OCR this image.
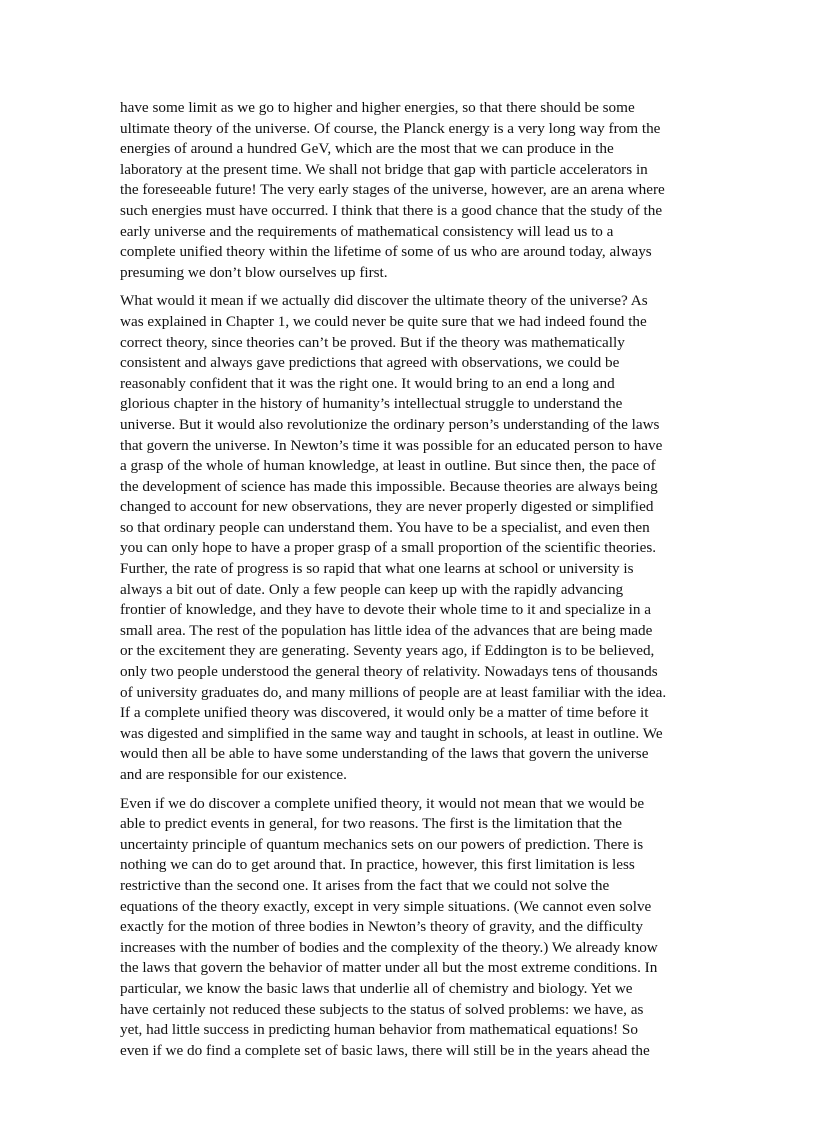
have some limit as we go to higher and higher energies, so that there should be some
ultimate theory of the universe. Of course, the Planck energy is a very long way from the
energies of around a hundred GeV, which are the most that we can produce in the
laboratory at the present time. We shall not bridge that gap with particle accelerators in
the foreseeable future! The very early stages of the universe, however, are an arena where
such energies must have occurred. I think that there is a good chance that the study of the
early universe and the requirements of mathematical consistency will lead us to a
complete unified theory within the lifetime of some of us who are around today, always
presuming we don’t blow ourselves up first.

What would it mean if we actually did discover the ultimate theory of the universe? As
was explained in Chapter 1, we could never be quite sure that we had indeed found the
correct theory, since theories can’t be proved. But if the theory was mathematically
consistent and always gave predictions that agreed with observations, we could be
reasonably confident that it was the right one. It would bring to an end a long and
glorious chapter in the history of humanity’s intellectual struggle to understand the
universe. But it would also revolutionize the ordinary person’s understanding of the laws
that govern the universe. In Newton’s time it was possible for an educated person to have
a grasp of the whole of human knowledge, at least in outline. But since then, the pace of
the development of science has made this impossible. Because theories are always being
changed to account for new observations, they are never properly digested or simplified
so that ordinary people can understand them. You have to be a specialist, and even then
you can only hope to have a proper grasp of a small proportion of the scientific theories.
Further, the rate of progress is so rapid that what one learns at school or university is
always a bit out of date. Only a few people can keep up with the rapidly advancing
frontier of knowledge, and they have to devote their whole time to it and specialize in a
small area. The rest of the population has little idea of the advances that are being made
or the excitement they are generating. Seventy years ago, if Eddington is to be believed,
only two people understood the general theory of relativity. Nowadays tens of thousands
of university graduates do, and many millions of people are at least familiar with the idea.
If a complete unified theory was discovered, it would only be a matter of time before it
was digested and simplified in the same way and taught in schools, at least in outline. We
would then all be able to have some understanding of the laws that govern the universe
and are responsible for our existence.

Even if we do discover a complete unified theory, it would not mean that we would be
able to predict events in general, for two reasons. The first is the limitation that the
uncertainty principle of quantum mechanics sets on our powers of prediction. There is
nothing we can do to get around that. In practice, however, this first limitation is less
restrictive than the second one. It arises from the fact that we could not solve the
equations of the theory exactly, except in very simple situations. (We cannot even solve
exactly for the motion of three bodies in Newton’s theory of gravity, and the difficulty
increases with the number of bodies and the complexity of the theory.) We already know
the laws that govern the behavior of matter under all but the most extreme conditions. In
particular, we know the basic laws that underlie all of chemistry and biology. Yet we
have certainly not reduced these subjects to the status of solved problems: we have, as
yet, had little success in predicting human behavior from mathematical equations! So
even if we do find a complete set of basic laws, there will still be in the years ahead the
